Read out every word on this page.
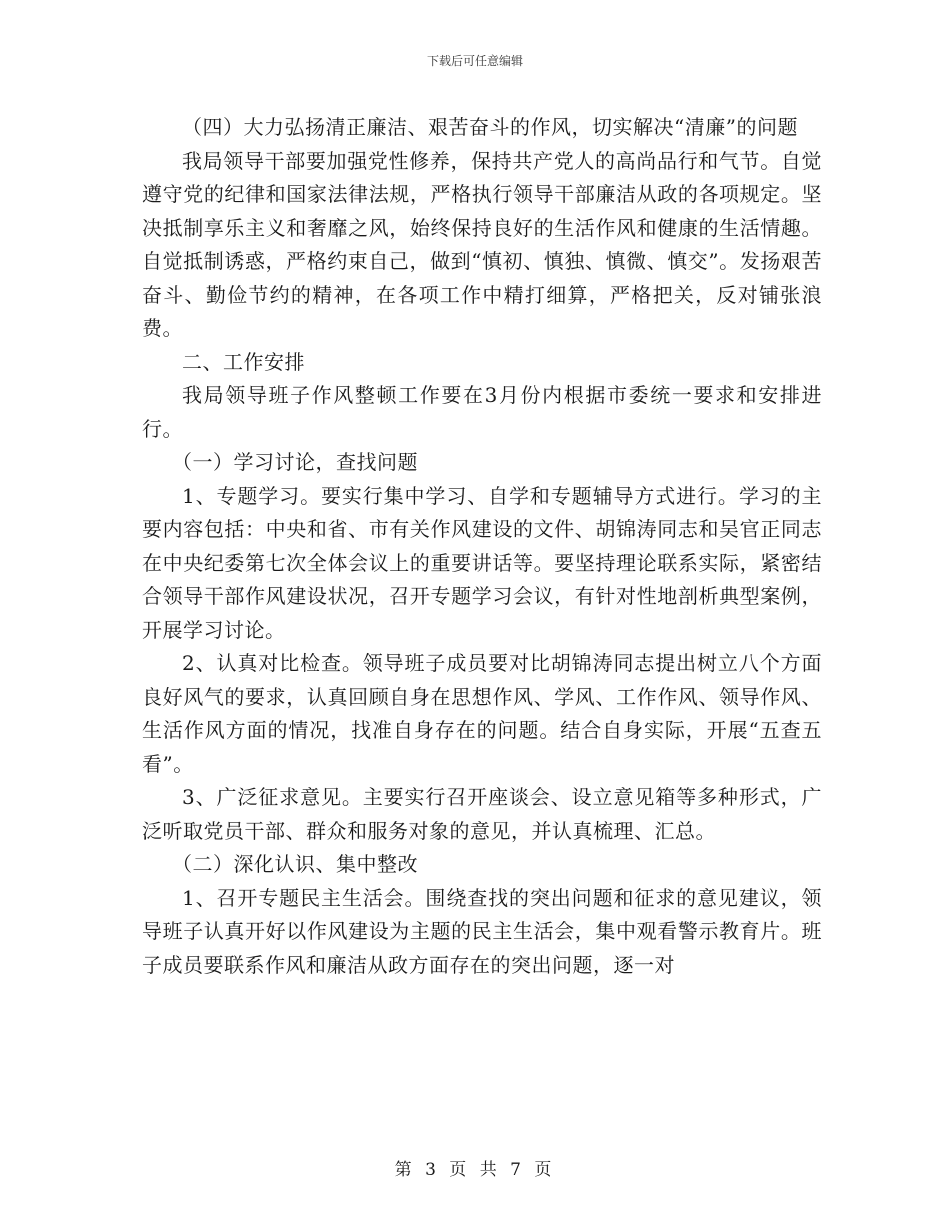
下载后可任意编辑

（四）大力弘扬清正廉洁、艰苦奋斗的作风，切实解决“清廉”的问题

我局领导干部要加强党性修养，保持共产党人的高尚品行和气节。自觉遵守党的纪律和国家法律法规，严格执行领导干部廉洁从政的各项规定。坚决抵制享乐主义和奢靡之风，始终保持良好的生活作风和健康的生活情趣。自觉抵制诱惑，严格约束自己，做到“慎初、慎独、慎微、慎交”。发扬艰苦奋斗、勤俭节约的精神，在各项工作中精打细算，严格把关，反对铺张浪费。

二、工作安排

我局领导班子作风整顿工作要在3月份内根据市委统一要求和安排进行。

（一）学习讨论，查找问题

1、专题学习。要实行集中学习、自学和专题辅导方式进行。学习的主要内容包括：中央和省、市有关作风建设的文件、胡锦涛同志和吴官正同志在中央纪委第七次全体会议上的重要讲话等。要坚持理论联系实际，紧密结合领导干部作风建设状况，召开专题学习会议，有针对性地剖析典型案例，开展学习讨论。

2、认真对比检查。领导班子成员要对比胡锦涛同志提出树立八个方面良好风气的要求，认真回顾自身在思想作风、学风、工作作风、领导作风、生活作风方面的情况，找准自身存在的问题。结合自身实际，开展“五查五看”。

3、广泛征求意见。主要实行召开座谈会、设立意见箱等多种形式，广泛听取党员干部、群众和服务对象的意见，并认真梳理、汇总。

（二）深化认识、集中整改

1、召开专题民主生活会。围绕查找的突出问题和征求的意见建议，领导班子认真开好以作风建设为主题的民主生活会，集中观看警示教育片。班子成员要联系作风和廉洁从政方面存在的突出问题，逐一对

第 3 页 共 7 页
